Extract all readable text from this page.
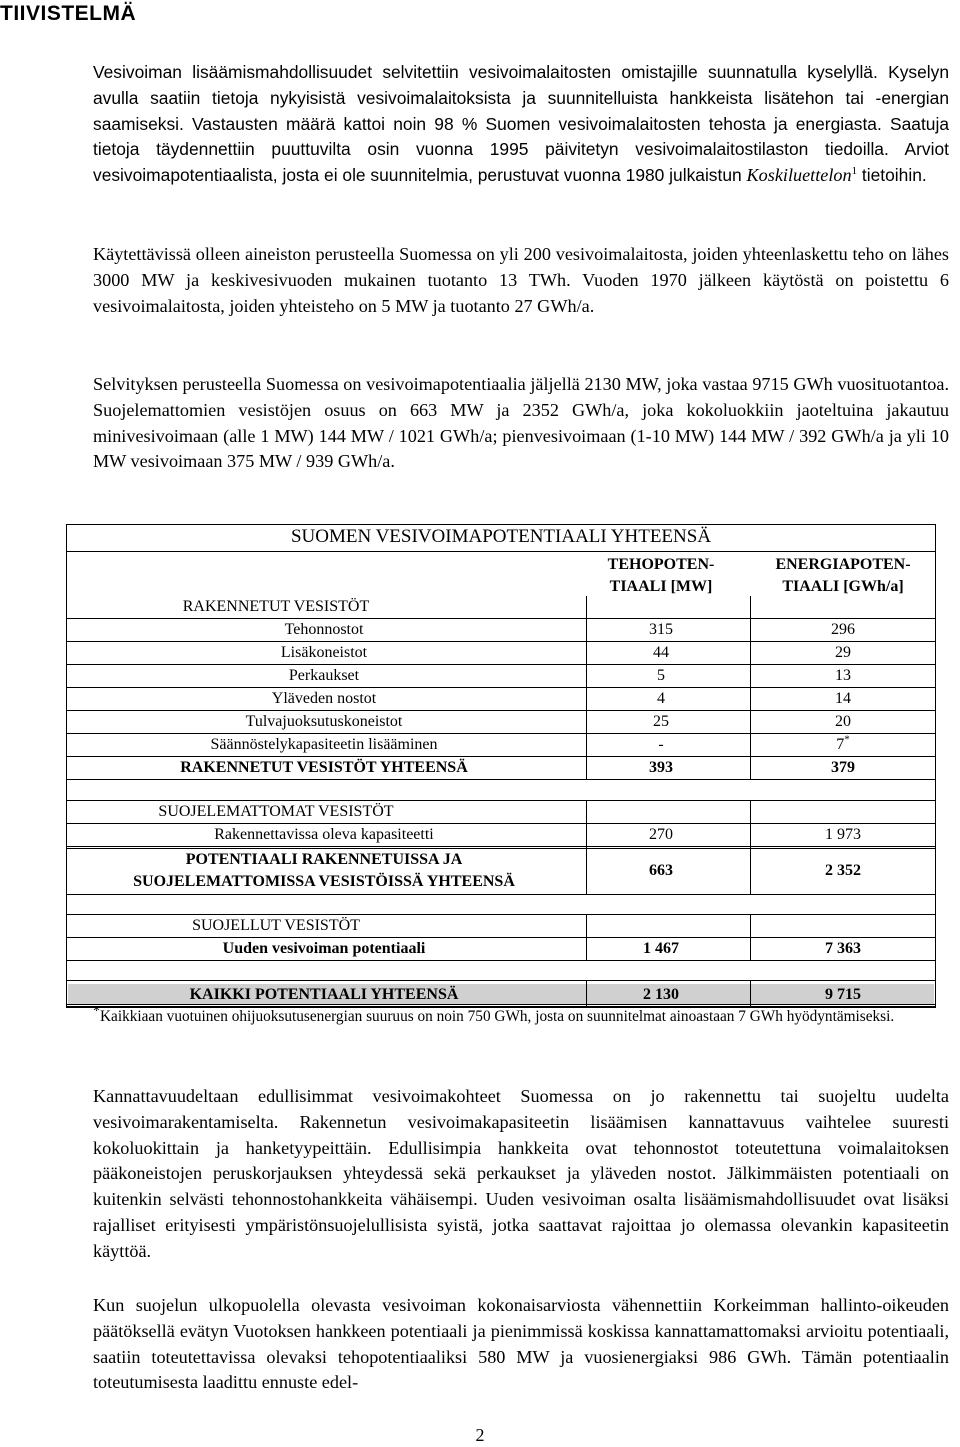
TIIVISTELMÄ

Vesivoiman lisäämismahdollisuudet selvitettiin vesivoimalaitosten omistajille suunnatulla kyselyllä. Kyselyn avulla saatiin tietoja nykyisistä vesivoimalaitoksista ja suunnitelluista hankkeista lisätehon tai -energian saamiseksi. Vastausten määrä kattoi noin 98 % Suomen vesivoimalaitosten tehosta ja energiasta. Saatuja tietoja täydennettiin puuttuvilta osin vuonna 1995 päivitetyn vesivoimalaitostilaston tiedoilla. Arviot vesivoimapotentiaalista, josta ei ole suunnitelmia, perustuvat vuonna 1980 julkaistun Koskiluettelon$^1$ tietoihin.

Käytettävissä olleen aineiston perusteella Suomessa on yli 200 vesivoimalaitosta, joiden yhteenlaskettu teho on lähes 3000 MW ja keskivesivuoden mukainen tuotanto 13 TWh. Vuoden 1970 jälkeen käytöstä on poistettu 6 vesivoimalaitosta, joiden yhteisteho on 5 MW ja tuotanto 27 GWh/a.

Selvityksen perusteella Suomessa on vesivoimapotentiaalia jäljellä 2130 MW, joka vastaa 9715 GWh vuosituotantoa. Suojelemattomien vesistöjen osuus on 663 MW ja 2352 GWh/a, joka kokoluokkiin jaoteltuina jakautuu minivesivoimaan (alle 1 MW) 144 MW / 1021 GWh/a; pienvesivoimaan (1-10 MW) 144 MW / 392 GWh/a ja yli 10 MW vesivoimaan 375 MW / 939 GWh/a.

SUOMEN VESIVOIMAPOTENTIAALI YHTEENSÄ
TEHOPOTEN-
TIAALI [MW]
ENERGIAPOTEN-
TIAALI [GWh/a]
RAKENNETUT VESISTÖT
Tehonnostot	315	296
Lisäkoneistot	44	29
Perkaukset	5	13
Yläveden nostot	4	14
Tulvajuoksutuskoneistot	25	20
Säännöstelykapasiteetin lisääminen	-	7*
RAKENNETUT VESISTÖT YHTEENSÄ	393	379
SUOJELEMATTOMAT VESISTÖT
Rakennettavissa oleva kapasiteetti	270	1 973
POTENTIAALI RAKENNETUISSA JA
SUOJELEMATTOMISSA VESISTÖISSÄ YHTEENSÄ
663	2 352
SUOJELLUT VESISTÖT
Uuden vesivoiman potentiaali	1 467	7 363
KAIKKI POTENTIAALI YHTEENSÄ	2 130	9 715

*Kaikkiaan vuotuinen ohijuoksutusenergian suuruus on noin 750 GWh, josta on suunnitelmat ainoastaan 7 GWh hyödyntämiseksi.

Kannattavuudeltaan edullisimmat vesivoimakohteet Suomessa on jo rakennettu tai suojeltu uudelta vesivoimarakentamiselta. Rakennetun vesivoimakapasiteetin lisäämisen kannattavuus vaihtelee suuresti kokoluokittain ja hanketyypeittäin. Edullisimpia hankkeita ovat tehonnostot toteutettuna voimalaitoksen pääkoneistojen peruskorjauksen yhteydessä sekä perkaukset ja yläveden nostot. Jälkimmäisten potentiaali on kuitenkin selvästi tehonnostohankkeita vähäisempi. Uuden vesivoiman osalta lisäämismahdollisuudet ovat lisäksi rajalliset erityisesti ympäristönsuojelullisista syistä, jotka saattavat rajoittaa jo olemassa olevankin kapasiteetin käyttöä.

Kun suojelun ulkopuolella olevasta vesivoiman kokonaisarviosta vähennettiin Korkeimman hallinto-oikeuden päätöksellä evätyn Vuotoksen hankkeen potentiaali ja pienimmissä koskissa kannattamattomaksi arvioitu potentiaali, saatiin toteutettavissa olevaksi tehopotentiaaliksi 580 MW ja vuosienergiaksi 986 GWh. Tämän potentiaalin toteutumisesta laadittu ennuste edel-

2
